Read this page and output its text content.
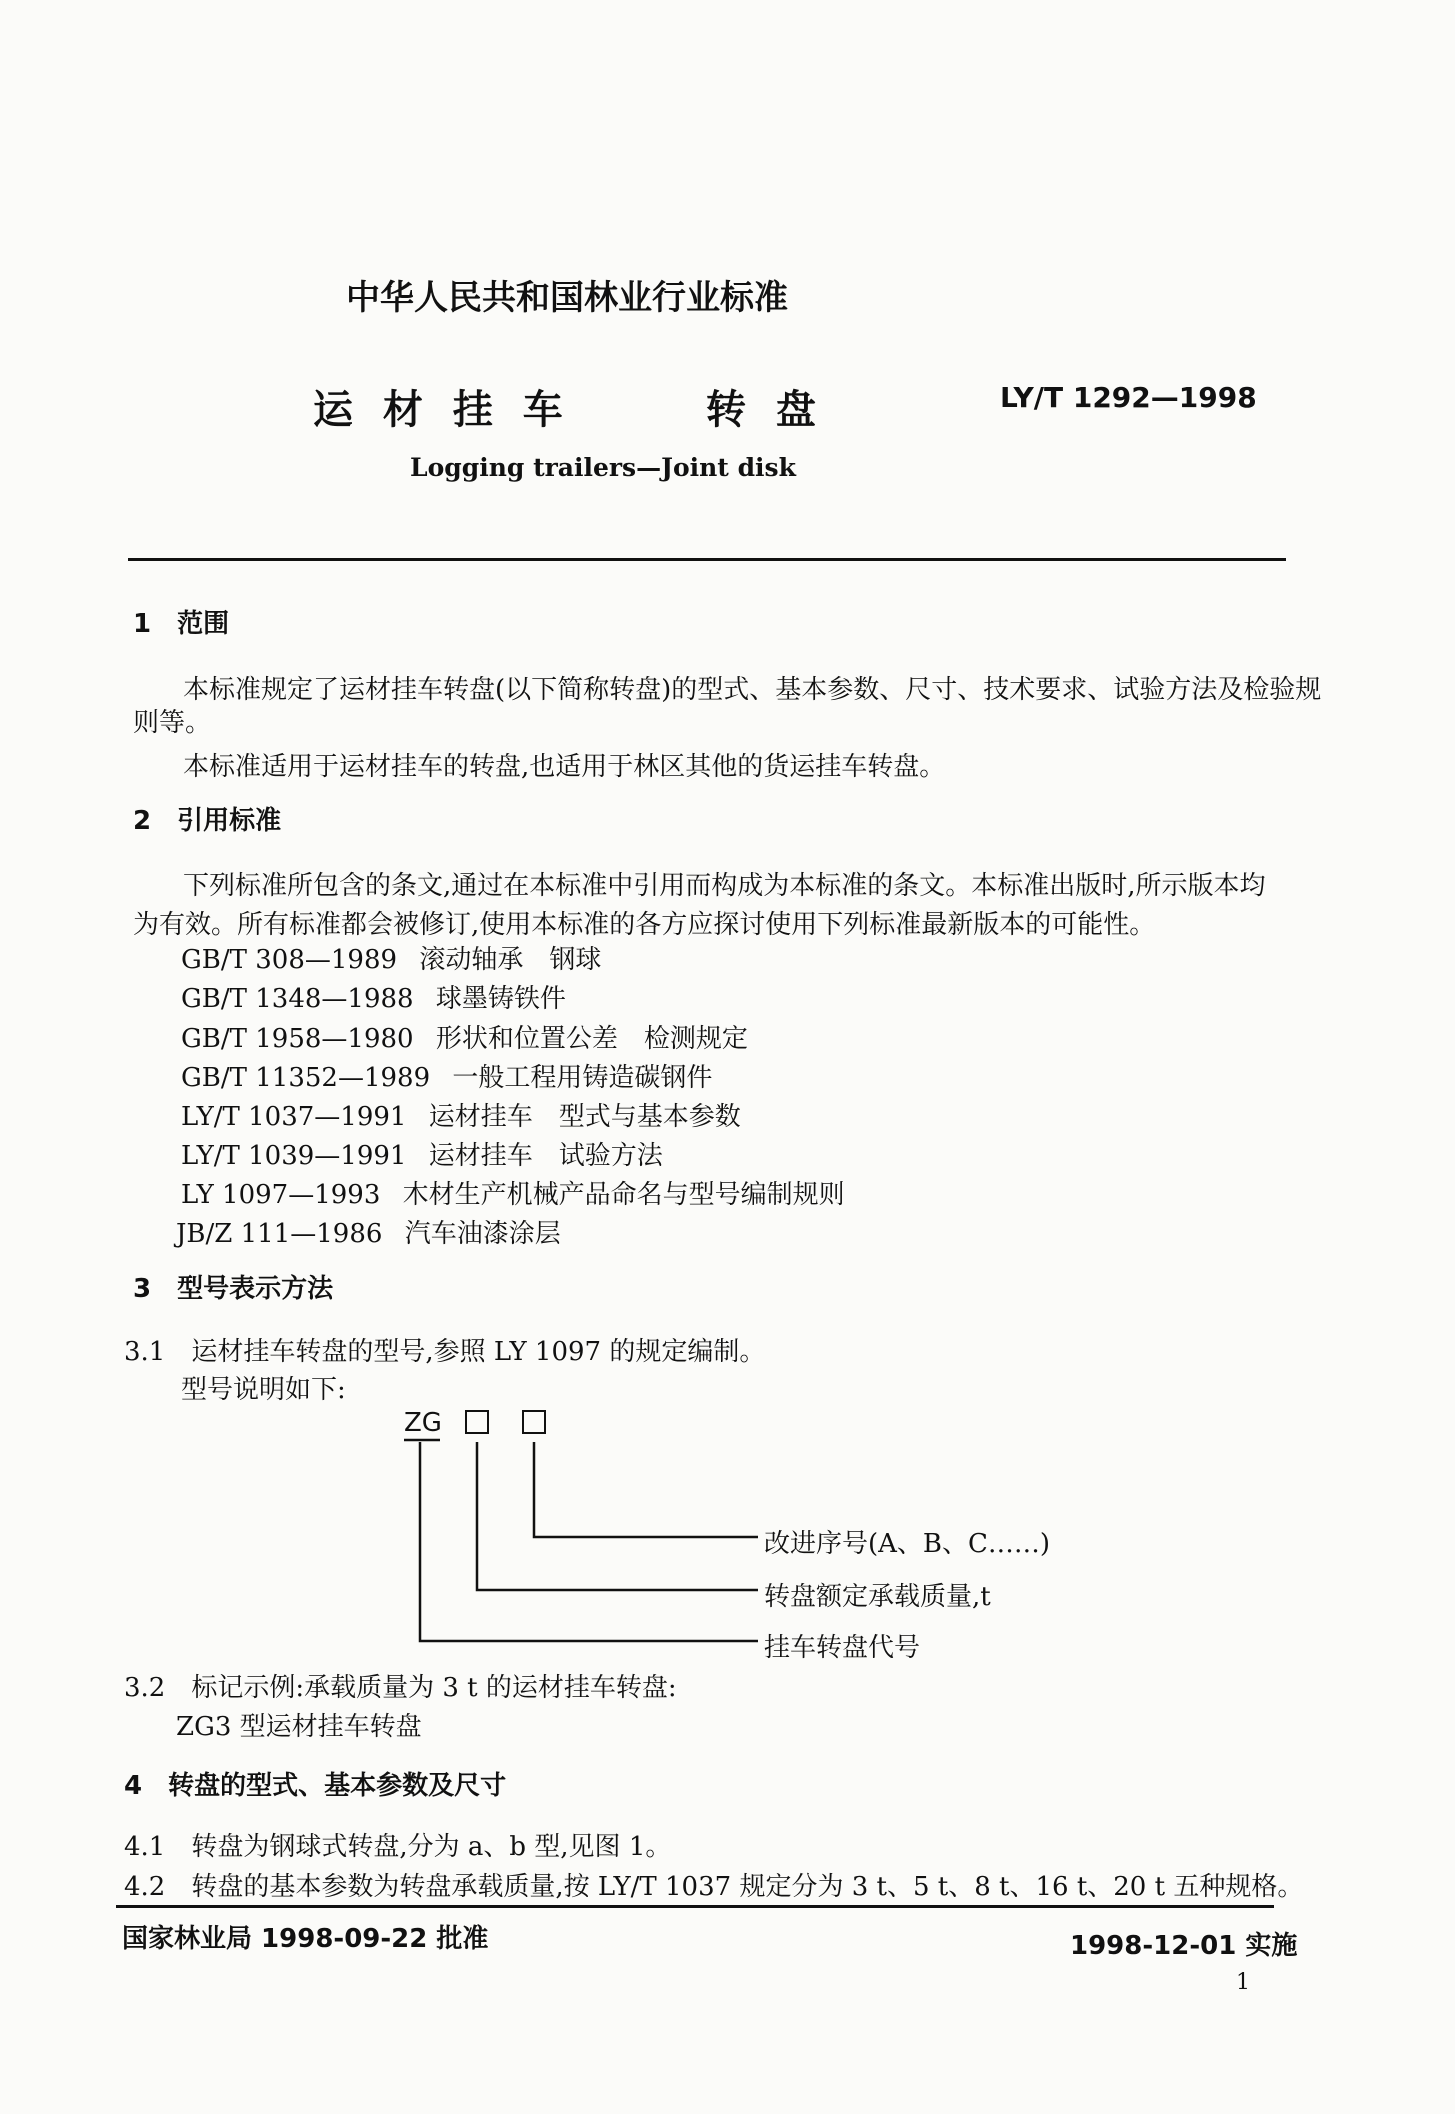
中华人民共和国林业行业标准
运 材 挂 车	转 盘	LY/T 1292—1998
Logging trailers—Joint disk
1　范围
本标准规定了运材挂车转盘(以下简称转盘)的型式、基本参数、尺寸、技术要求、试验方法及检验规
则等。
本标准适用于运材挂车的转盘,也适用于林区其他的货运挂车转盘。
2　引用标准
下列标准所包含的条文,通过在本标准中引用而构成为本标准的条文。本标准出版时,所示版本均
为有效。所有标准都会被修订,使用本标准的各方应探讨使用下列标准最新版本的可能性。
GB/T 308—1989 滚动轴承　钢球
GB/T 1348—1988 球墨铸铁件
GB/T 1958—1980 形状和位置公差　检测规定
GB/T 11352—1989 一般工程用铸造碳钢件
LY/T 1037—1991 运材挂车　型式与基本参数
LY/T 1039—1991 运材挂车　试验方法
LY 1097—1993 木材生产机械产品命名与型号编制规则
JB/Z 111—1986 汽车油漆涂层
3　型号表示方法
3.1　运材挂车转盘的型号,参照 LY 1097 的规定编制。
型号说明如下:
ZG
改进序号(A、B、C……)
转盘额定承载质量,t
挂车转盘代号
3.2　标记示例:承载质量为 3 t 的运材挂车转盘:
ZG3 型运材挂车转盘
4　转盘的型式、基本参数及尺寸
4.1　转盘为钢球式转盘,分为 a、b 型,见图 1。
4.2　转盘的基本参数为转盘承载质量,按 LY/T 1037 规定分为 3 t、5 t、8 t、16 t、20 t 五种规格。
国家林业局 1998-09-22 批准	1998-12-01 实施
1
